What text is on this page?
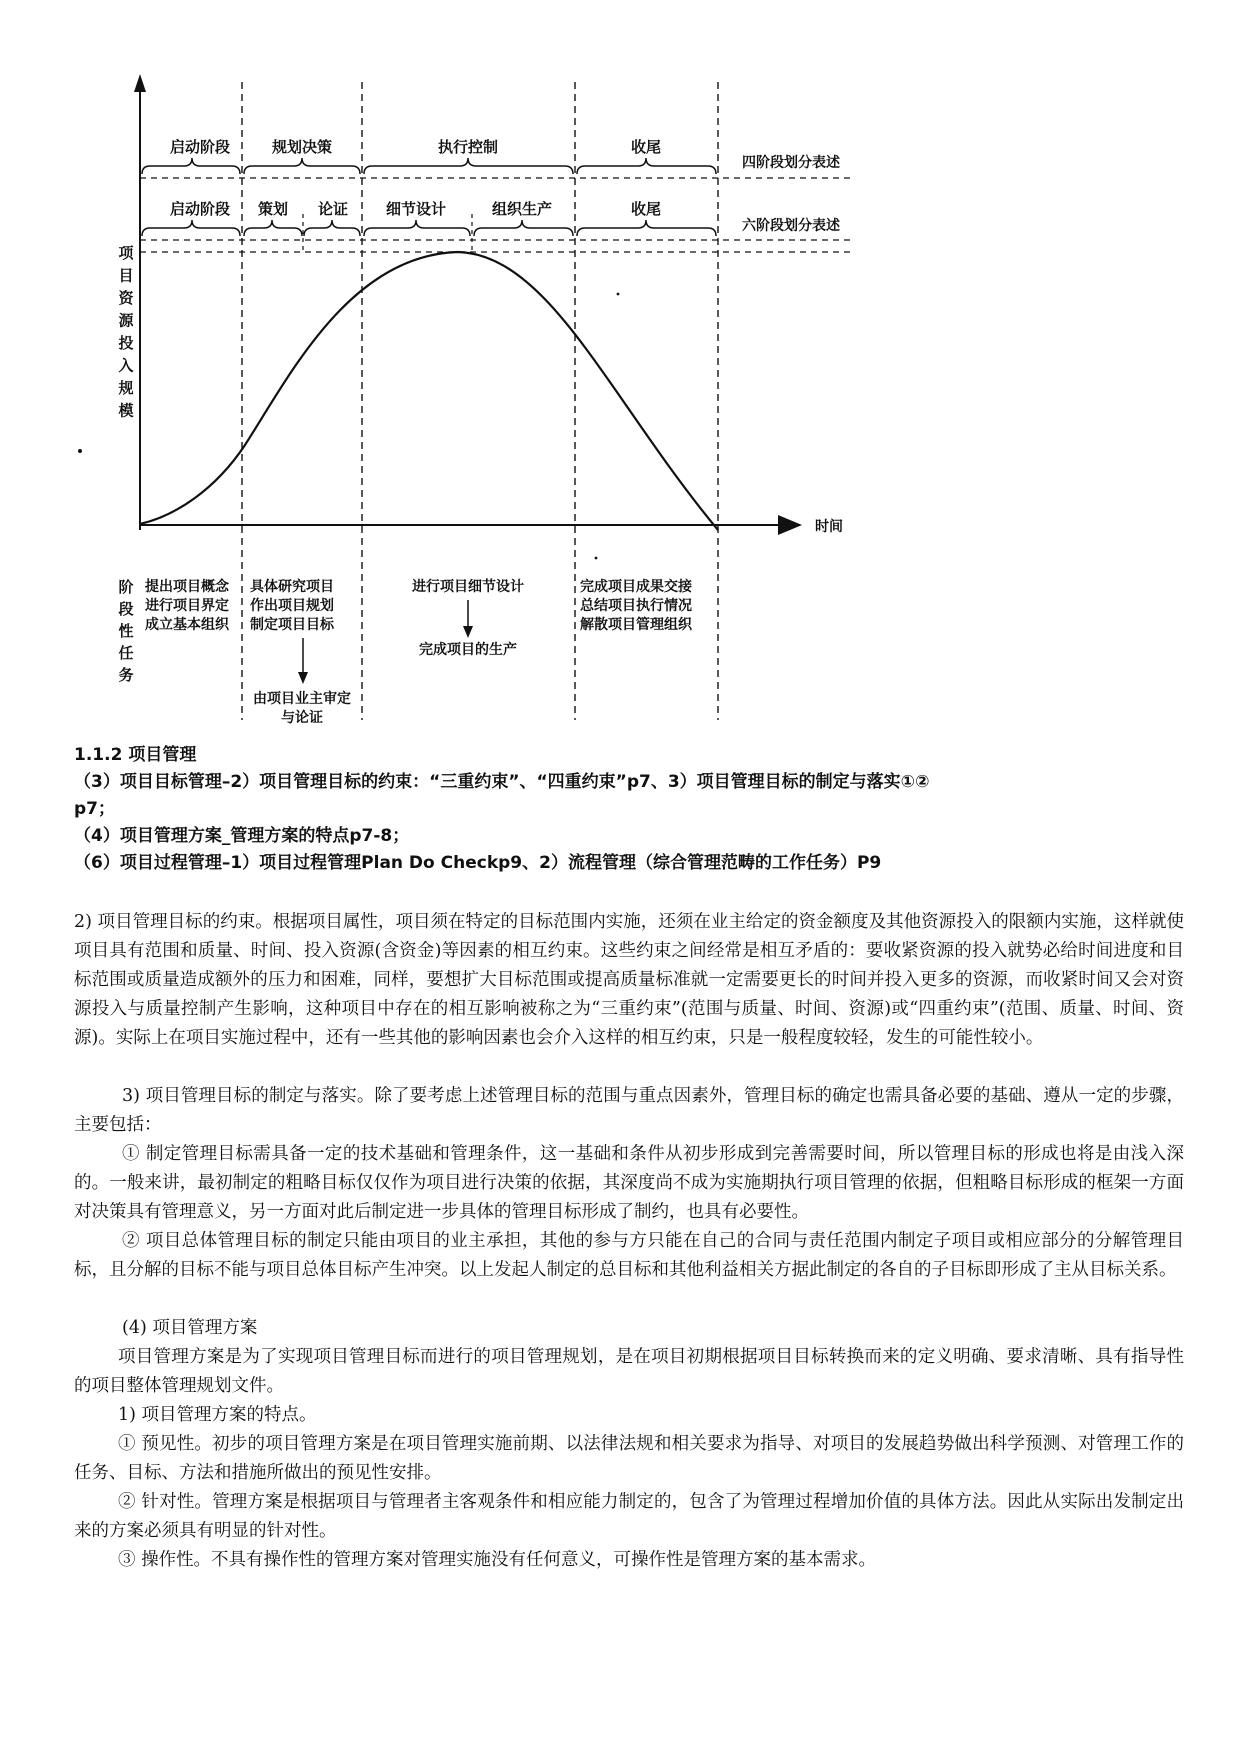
启动阶段	规划决策	执行控制	收尾
四阶段划分表述
启动阶段 策划 论证	细节设计	组织生产	收尾
六阶段划分表述
项
目
资
源
投
入
规
模
时间
阶
段
性
任
务
提出项目概念
进行项目界定
成立基本组织
具体研究项目
作出项目规划
制定项目目标
由项目业主审定
与论证
进行项目细节设计
完成项目的生产
完成项目成果交接
总结项目执行情况
解散项目管理组织
1.1.2 项目管理
（3）项目目标管理–2）项目管理目标的约束：“三重约束”、“四重约束”p7、3）项目管理目标的制定与落实①②
p7；
（4）项目管理方案_管理方案的特点p7-8；
（6）项目过程管理–1）项目过程管理Plan Do Checkp9、2）流程管理（综合管理范畴的工作任务）P9

2) 项目管理目标的约束。根据项目属性，项目须在特定的目标范围内实施，还须在业主给定的资金额度及其他资源投入的限额内实施，这样就使项目具有范围和质量、时间、投入资源(含资金)等因素的相互约束。这些约束之间经常是相互矛盾的：要收紧资源的投入就势必给时间进度和目标范围或质量造成额外的压力和困难，同样，要想扩大目标范围或提高质量标准就一定需要更长的时间并投入更多的资源，而收紧时间又会对资源投入与质量控制产生影响，这种项目中存在的相互影响被称之为“三重约束”(范围与质量、时间、资源)或“四重约束”(范围、质量、时间、资源)。实际上在项目实施过程中，还有一些其他的影响因素也会介入这样的相互约束，只是一般程度较轻，发生的可能性较小。

3) 项目管理目标的制定与落实。除了要考虑上述管理目标的范围与重点因素外，管理目标的确定也需具备必要的基础、遵从一定的步骤，主要包括：

① 制定管理目标需具备一定的技术基础和管理条件，这一基础和条件从初步形成到完善需要时间，所以管理目标的形成也将是由浅入深的。一般来讲，最初制定的粗略目标仅仅作为项目进行决策的依据，其深度尚不成为实施期执行项目管理的依据，但粗略目标形成的框架一方面对决策具有管理意义，另一方面对此后制定进一步具体的管理目标形成了制约，也具有必要性。

② 项目总体管理目标的制定只能由项目的业主承担，其他的参与方只能在自己的合同与责任范围内制定子项目或相应部分的分解管理目标，且分解的目标不能与项目总体目标产生冲突。以上发起人制定的总目标和其他利益相关方据此制定的各自的子目标即形成了主从目标关系。

(4) 项目管理方案

项目管理方案是为了实现项目管理目标而进行的项目管理规划，是在项目初期根据项目目标转换而来的定义明确、要求清晰、具有指导性的项目整体管理规划文件。

1) 项目管理方案的特点。

① 预见性。初步的项目管理方案是在项目管理实施前期、以法律法规和相关要求为指导、对项目的发展趋势做出科学预测、对管理工作的任务、目标、方法和措施所做出的预见性安排。

② 针对性。管理方案是根据项目与管理者主客观条件和相应能力制定的，包含了为管理过程增加价值的具体方法。因此从实际出发制定出来的方案必须具有明显的针对性。

③ 操作性。不具有操作性的管理方案对管理实施没有任何意义，可操作性是管理方案的基本需求。
